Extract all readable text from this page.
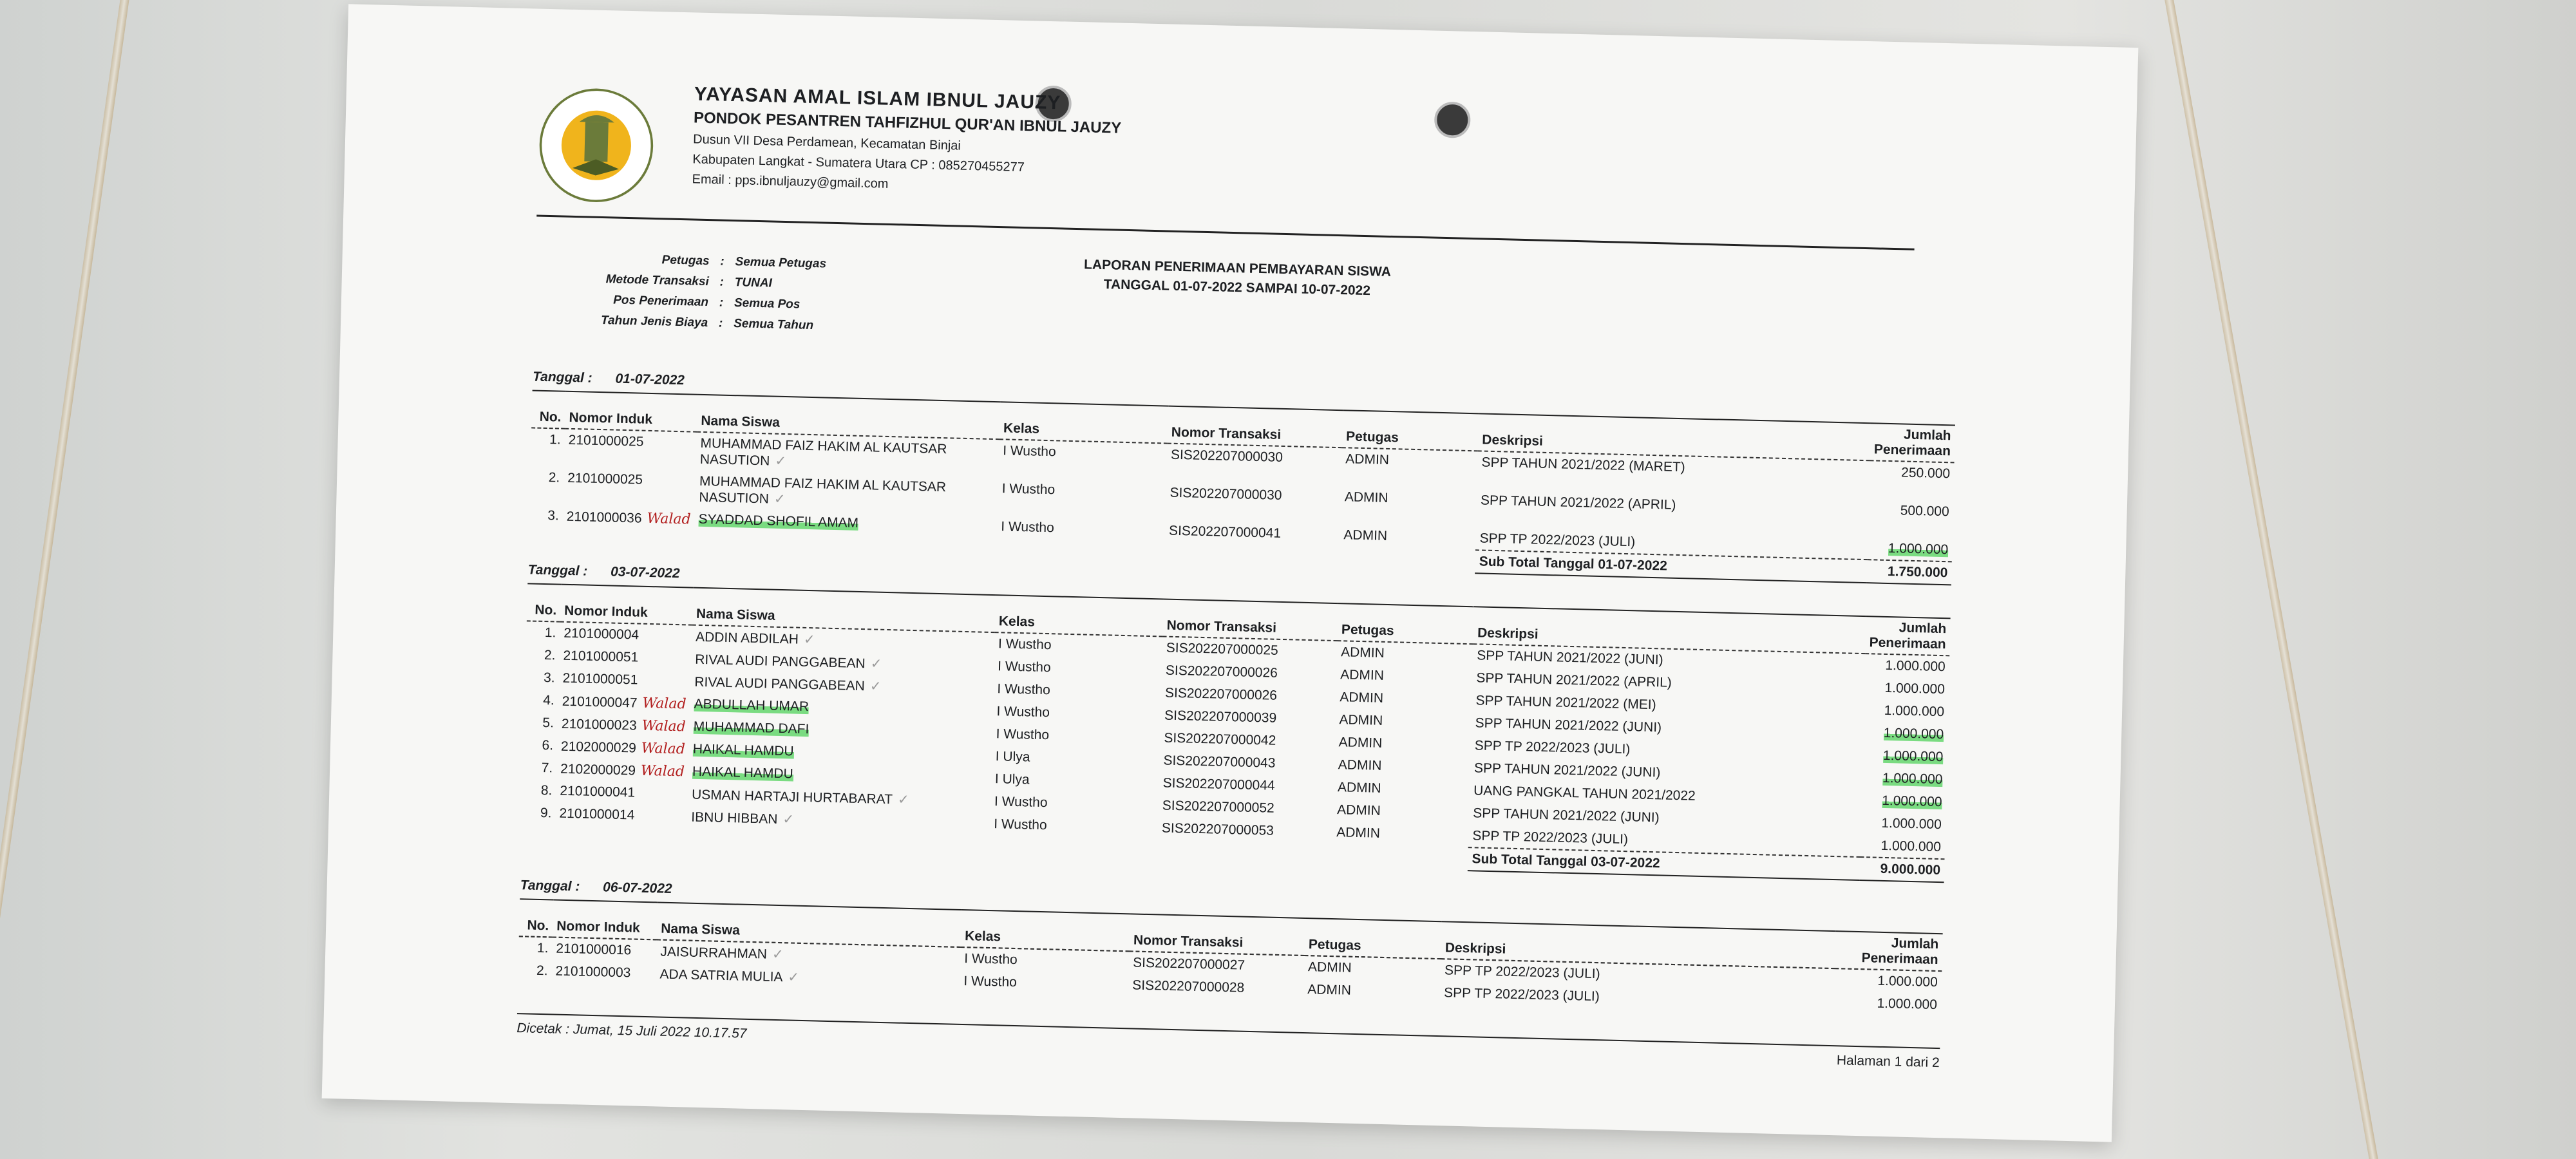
YAYASAN AMAL ISLAM IBNUL JAUZY
PONDOK PESANTREN TAHFIZHUL QUR'AN IBNUL JAUZY
Dusun VII Desa Perdamean, Kecamatan Binjai
Kabupaten Langkat - Sumatera Utara CP : 085270455277
Email : pps.ibnuljauzy@gmail.com
LAPORAN PENERIMAAN PEMBAYARAN SISWA
TANGGAL 01-07-2022 SAMPAI 10-07-2022
Petugas : Semua Petugas
Metode Transaksi : TUNAI
Pos Penerimaan : Semua Pos
Tahun Jenis Biaya : Semua Tahun
Tanggal : 01-07-2022
No.	Nomor Induk	Nama Siswa	Kelas	Nomor Transaksi	Petugas	Deskripsi	Jumlah Penerimaan
1.	2101000025	MUHAMMAD FAIZ HAKIM AL KAUTSAR NASUTION ✓	I Wustho	SIS202207000030	ADMIN	SPP TAHUN 2021/2022 (MARET)	250.000
2.	2101000025	MUHAMMAD FAIZ HAKIM AL KAUTSAR NASUTION ✓	I Wustho	SIS202207000030	ADMIN	SPP TAHUN 2021/2022 (APRIL)	500.000
3.	2101000036 Walad	SYADDAD SHOFIL AMAM	I Wustho	SIS202207000041	ADMIN	SPP TP 2022/2023 (JULI)	1.000.000
						Sub Total Tanggal 01-07-2022	1.750.000
Tanggal : 03-07-2022
No.	Nomor Induk	Nama Siswa	Kelas	Nomor Transaksi	Petugas	Deskripsi	Jumlah Penerimaan
1.	2101000004	ADDIN ABDILAH ✓	I Wustho	SIS202207000025	ADMIN	SPP TAHUN 2021/2022 (JUNI)	1.000.000
2.	2101000051	RIVAL AUDI PANGGABEAN ✓	I Wustho	SIS202207000026	ADMIN	SPP TAHUN 2021/2022 (APRIL)	1.000.000
3.	2101000051	RIVAL AUDI PANGGABEAN ✓	I Wustho	SIS202207000026	ADMIN	SPP TAHUN 2021/2022 (MEI)	1.000.000
4.	2101000047 Walad	ABDULLAH UMAR	I Wustho	SIS202207000039	ADMIN	SPP TAHUN 2021/2022 (JUNI)	1.000.000
5.	2101000023 Walad	MUHAMMAD DAFI	I Wustho	SIS202207000042	ADMIN	SPP TP 2022/2023 (JULI)	1.000.000
6.	2102000029 Walad	HAIKAL HAMDU	I Ulya	SIS202207000043	ADMIN	SPP TAHUN 2021/2022 (JUNI)	1.000.000
7.	2102000029 Walad	HAIKAL HAMDU	I Ulya	SIS202207000044	ADMIN	UANG PANGKAL TAHUN 2021/2022	1.000.000
8.	2101000041	USMAN HARTAJI HURTABARAT ✓	I Wustho	SIS202207000052	ADMIN	SPP TAHUN 2021/2022 (JUNI)	1.000.000
9.	2101000014	IBNU HIBBAN ✓	I Wustho	SIS202207000053	ADMIN	SPP TP 2022/2023 (JULI)	1.000.000
						Sub Total Tanggal 03-07-2022	9.000.000
Tanggal : 06-07-2022
No.	Nomor Induk	Nama Siswa	Kelas	Nomor Transaksi	Petugas	Deskripsi	Jumlah Penerimaan
1.	2101000016	JAISURRAHMAN ✓	I Wustho	SIS202207000027	ADMIN	SPP TP 2022/2023 (JULI)	1.000.000
2.	2101000003	ADA SATRIA MULIA ✓	I Wustho	SIS202207000028	ADMIN	SPP TP 2022/2023 (JULI)	1.000.000
Dicetak : Jumat, 15 Juli 2022 10.17.57
Halaman 1 dari 2
